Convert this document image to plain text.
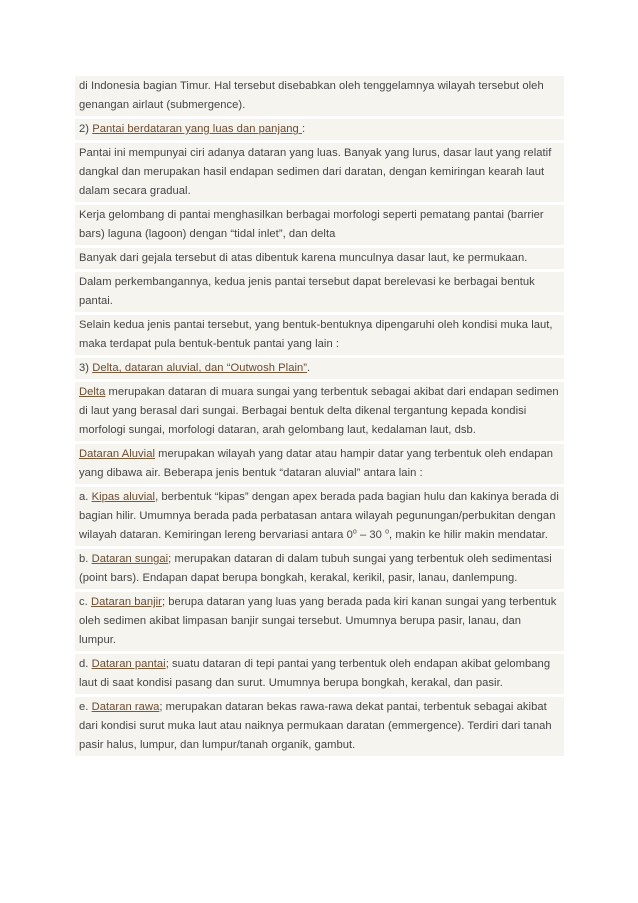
di Indonesia bagian Timur. Hal tersebut disebabkan oleh tenggelamnya wilayah tersebut oleh genangan airlaut (submergence).
2) Pantai berdataran yang luas dan panjang :
Pantai ini mempunyai ciri adanya dataran yang luas. Banyak yang lurus, dasar laut yang relatif dangkal dan merupakan hasil endapan sedimen dari daratan, dengan kemiringan kearah laut dalam secara gradual.
Kerja gelombang di pantai menghasilkan berbagai morfologi seperti pematang pantai (barrier bars) laguna (lagoon) dengan “tidal inlet”, dan delta
Banyak dari gejala tersebut di atas dibentuk karena munculnya dasar laut, ke permukaan.
Dalam perkembangannya, kedua jenis pantai tersebut dapat berelevasi ke berbagai bentuk pantai.
Selain kedua jenis pantai tersebut, yang bentuk-bentuknya dipengaruhi oleh kondisi muka laut, maka terdapat pula bentuk-bentuk pantai yang lain :
3) Delta, dataran aluvial, dan “Outwosh Plain”.
Delta merupakan dataran di muara sungai yang terbentuk sebagai akibat dari endapan sedimen di laut yang berasal dari sungai. Berbagai bentuk delta dikenal tergantung kepada kondisi morfologi sungai, morfologi dataran, arah gelombang laut, kedalaman laut, dsb.
Dataran Aluvial merupakan wilayah yang datar atau hampir datar yang terbentuk oleh endapan yang dibawa air. Beberapa jenis bentuk “dataran aluvial” antara lain :
a. Kipas aluvial, berbentuk “kipas” dengan apex berada pada bagian hulu dan kakinya berada di bagian hilir. Umumnya berada pada perbatasan antara wilayah pegunungan/perbukitan dengan wilayah dataran. Kemiringan lereng bervariasi antara 0$^o$ – 30 $^o$, makin ke hilir makin mendatar.
b. Dataran sungai; merupakan dataran di dalam tubuh sungai yang terbentuk oleh sedimentasi (point bars). Endapan dapat berupa bongkah, kerakal, kerikil, pasir, lanau, danlempung.
c. Dataran banjir; berupa dataran yang luas yang berada pada kiri kanan sungai yang terbentuk oleh sedimen akibat limpasan banjir sungai tersebut. Umumnya berupa pasir, lanau, dan lumpur.
d. Dataran pantai; suatu dataran di tepi pantai yang terbentuk oleh endapan akibat gelombang laut di saat kondisi pasang dan surut. Umumnya berupa bongkah, kerakal, dan pasir.
e. Dataran rawa; merupakan dataran bekas rawa-rawa dekat pantai, terbentuk sebagai akibat dari kondisi surut muka laut atau naiknya permukaan daratan (emmergence). Terdiri dari tanah pasir halus, lumpur, dan lumpur/tanah organik, gambut.
